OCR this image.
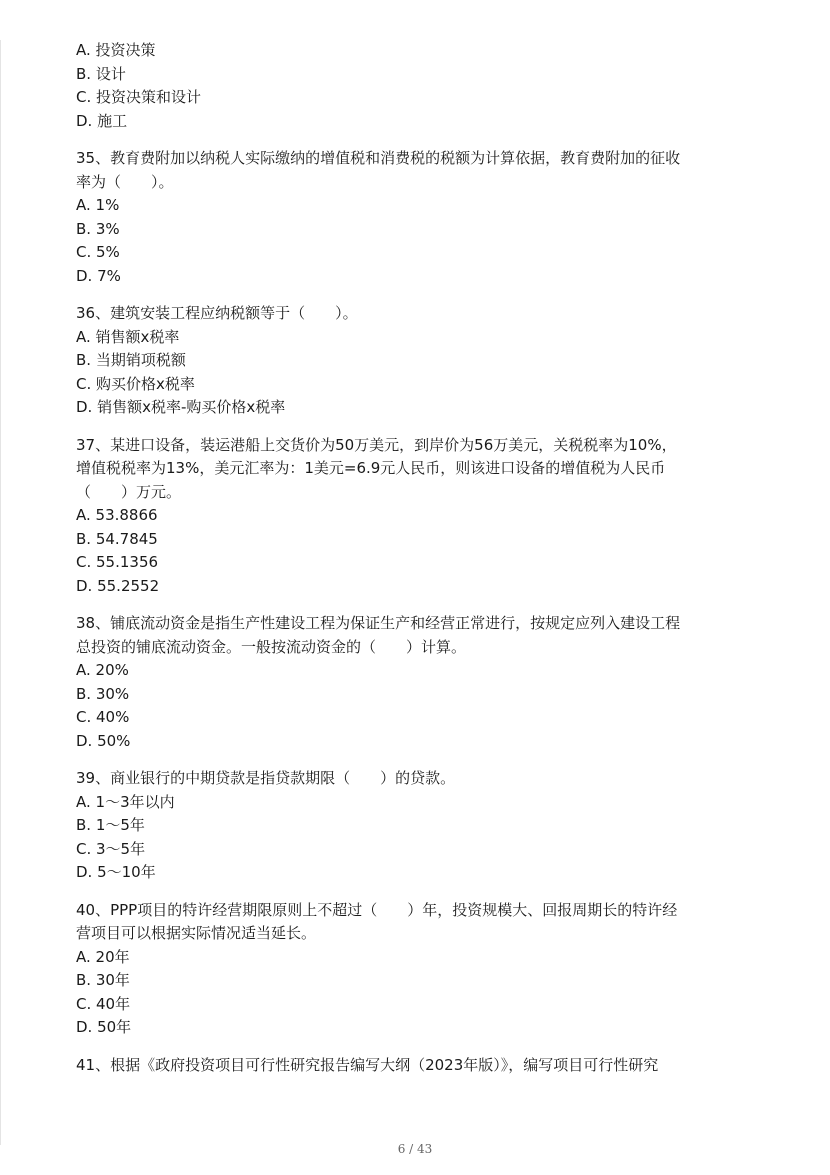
A. 投资决策
B. 设计
C. 投资决策和设计
D. 施工
35、教育费附加以纳税人实际缴纳的增值税和消费税的税额为计算依据，教育费附加的征收
率为（　　）。
A. 1%
B. 3%
C. 5%
D. 7%
36、建筑安装工程应纳税额等于（　　）。
A. 销售额x税率
B. 当期销项税额
C. 购买价格x税率
D. 销售额x税率-购买价格x税率
37、某进口设备，装运港船上交货价为50万美元，到岸价为56万美元，关税税率为10%，
增值税税率为13%，美元汇率为：1美元=6.9元人民币，则该进口设备的增值税为人民币
（　　）万元。
A. 53.8866
B. 54.7845
C. 55.1356
D. 55.2552
38、铺底流动资金是指生产性建设工程为保证生产和经营正常进行，按规定应列入建设工程
总投资的铺底流动资金。一般按流动资金的（　　）计算。
A. 20%
B. 30%
C. 40%
D. 50%
39、商业银行的中期贷款是指贷款期限（　　）的贷款。
A. 1～3年以内
B. 1～5年
C. 3～5年
D. 5～10年
40、PPP项目的特许经营期限原则上不超过（　　）年，投资规模大、回报周期长的特许经
营项目可以根据实际情况适当延长。
A. 20年
B. 30年
C. 40年
D. 50年
41、根据《政府投资项目可行性研究报告编写大纲（2023年版）》，编写项目可行性研究
6 / 43
